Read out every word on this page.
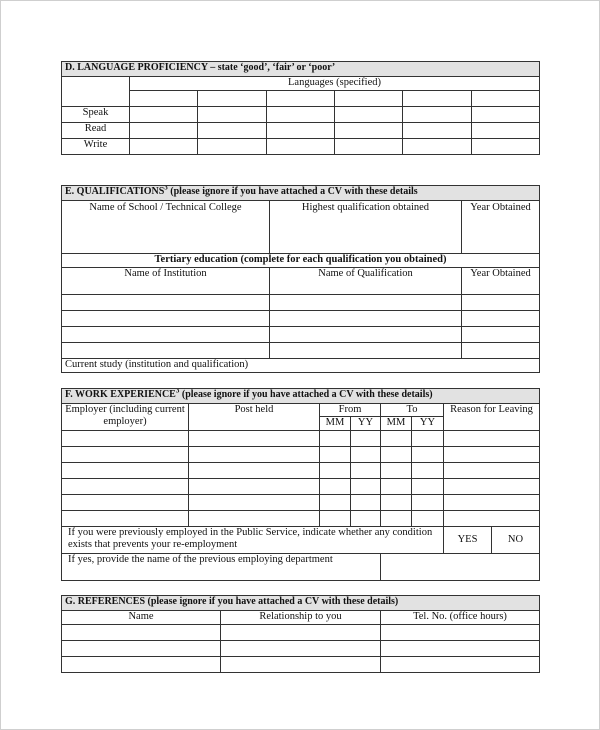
D. LANGUAGE PROFICIENCY – state ‘good’, ‘fair’ or ‘poor’						
	Languages (specified)					

Speak						
Read						
Write						
E. QUALIFICATIONS$^3$ (please ignore if you have attached a CV with these details		
Name of School / Technical College	Highest qualification obtained	Year Obtained
Tertiary education (complete for each qualification you obtained)		
Name of Institution	Name of Qualification	Year Obtained

Current study (institution and qualification)		
F. WORK EXPERIENCE$^3$ (please ignore if you have attached a CV with these details)						
Employer (including current employer)	Post held	From		To		Reason for Leaving
		MM	YY	MM	YY	

If you were previously employed in the Public Service, indicate whether any condition exists that prevents your re-employment						YES NO

If yes, provide the name of the previous employing department						
G. REFERENCES (please ignore if you have attached a CV with these details)		
Name	Relationship to you	Tel. No. (office hours)
